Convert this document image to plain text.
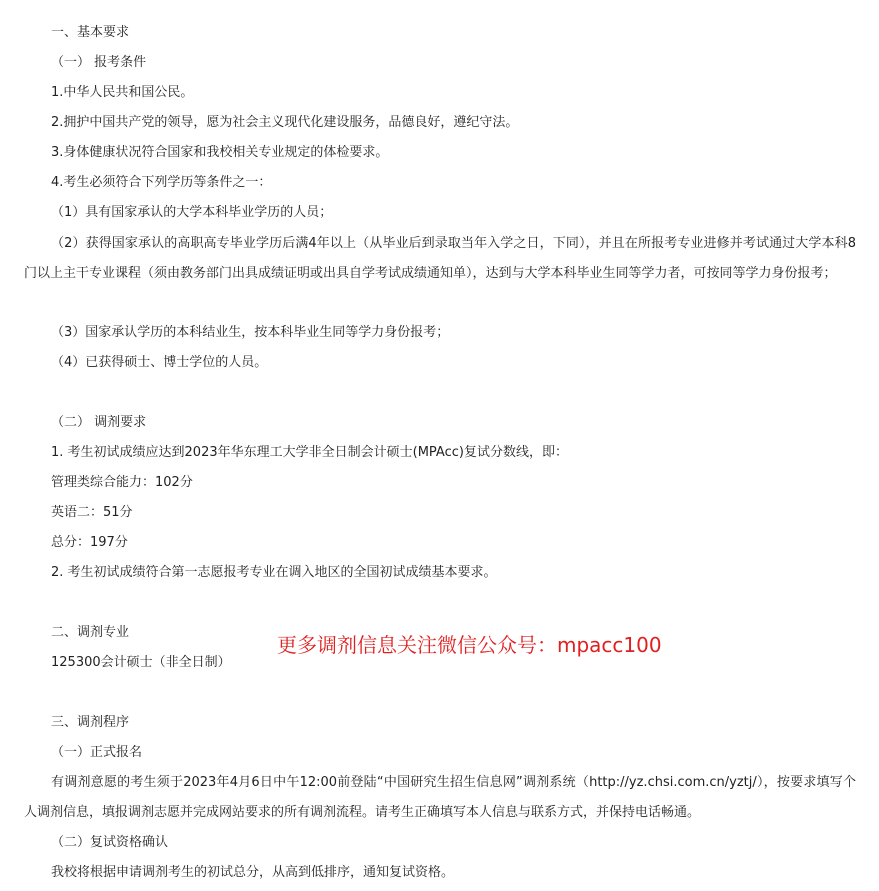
一、基本要求
（一） 报考条件
1.中华人民共和国公民。
2.拥护中国共产党的领导，愿为社会主义现代化建设服务，品德良好，遵纪守法。
3.身体健康状况符合国家和我校相关专业规定的体检要求。
4.考生必须符合下列学历等条件之一：
（1）具有国家承认的大学本科毕业学历的人员；
（2）获得国家承认的高职高专毕业学历后满4年以上（从毕业后到录取当年入学之日，下同），并且在所报考专业进修并考试通过大学本科8门以上主干专业课程（须由教务部门出具成绩证明或出具自学考试成绩通知单），达到与大学本科毕业生同等学力者，可按同等学力身份报考；
（3）国家承认学历的本科结业生，按本科毕业生同等学力身份报考；
（4）已获得硕士、博士学位的人员。
（二） 调剂要求
1. 考生初试成绩应达到2023年华东理工大学非全日制会计硕士(MPAcc)复试分数线，即：
管理类综合能力：102分
英语二：51分
总分：197分
2. 考生初试成绩符合第一志愿报考专业在调入地区的全国初试成绩基本要求。
二、调剂专业
125300会计硕士（非全日制）
更多调剂信息关注微信公众号：mpacc100
三、调剂程序
（一）正式报名
有调剂意愿的考生须于2023年4月6日中午12:00前登陆“中国研究生招生信息网”调剂系统（http://yz.chsi.com.cn/yztj/），按要求填写个人调剂信息，填报调剂志愿并完成网站要求的所有调剂流程。请考生正确填写本人信息与联系方式，并保持电话畅通。
（二）复试资格确认
我校将根据申请调剂考生的初试总分，从高到低排序，通知复试资格。
